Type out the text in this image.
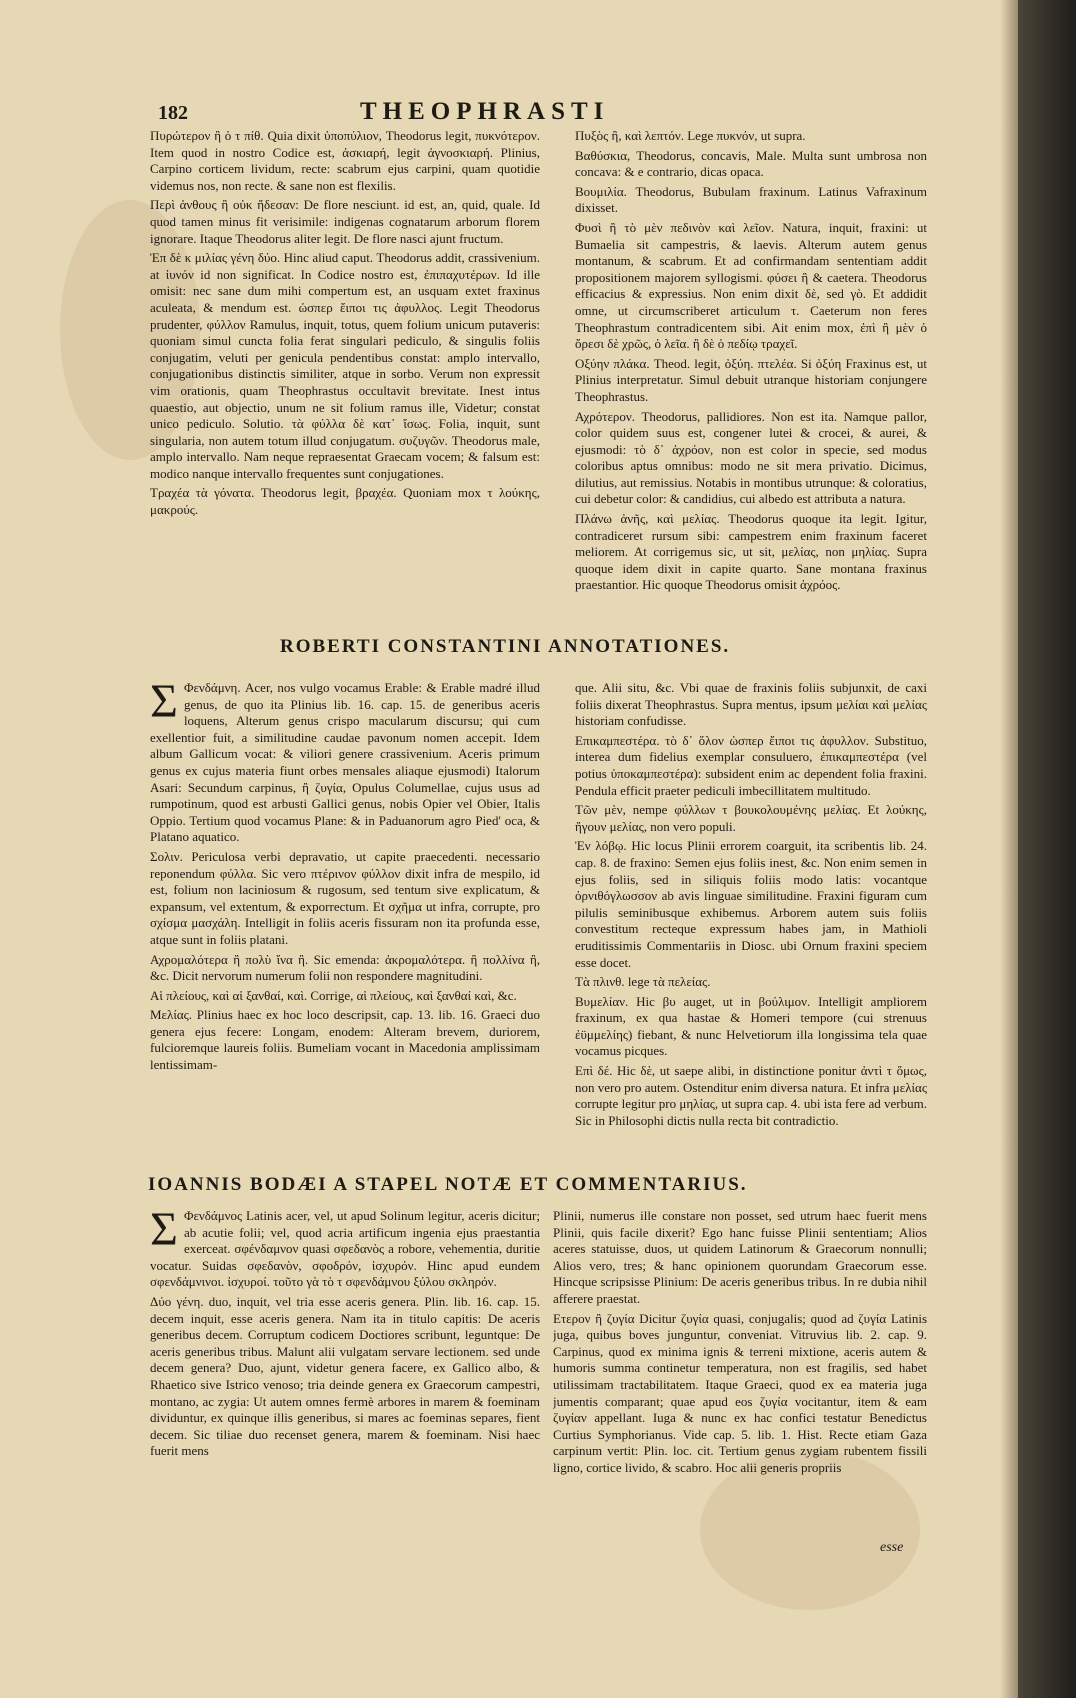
182	THEOPHRASTI

Πυρώτερον ἢ ὁ τ πίθ. Quia dixit ὑποπύλιον, Theodorus legit, πυκνότερον. Item quod in nostro Codice est, ἀσκιαρή, legit ἀγνοσκιαρή. Plinius, Carpino corticem lividum, recte: scabrum ejus carpini, quam quotidie videmus nos, non recte. & sane non est flexilis.

Περὶ ἀνθους ἢ οὐκ ἤδεσαν: De flore nesciunt. id est, an, quid, quale. Id quod tamen minus fit verisimile: indigenas cognatarum arborum florem ignorare. Itaque Theodorus aliter legit. De flore nasci ajunt fructum.

Ἐπ δὲ κ μιλίας γένη δύο. Hinc aliud caput. Theodorus addit, crassivenium. at ἰυνόν id non significat. In Codice nostro est, ἐπιπαχυτέρων. Id ille omisit: nec sane dum mihi compertum est, an usquam extet fraxinus aculeata, & mendum est. ὡσπερ ἔιποι τις ἀφυλλος. Legit Theodorus prudenter, φύλλον Ramulus, inquit, totus, quem folium unicum putaveris: quoniam simul cuncta folia ferat singulari pediculo, & singulis foliis conjugatim, veluti per genicula pendentibus constat: amplo intervallo, conjugationibus distinctis similiter, atque in sorbo. Verum non expressit vim orationis, quam Theophrastus occultavit brevitate. Inest intus quaestio, aut objectio, unum ne sit folium ramus ille, Videtur; constat unico pediculo. Solutio. τὰ φύλλα δὲ κατ᾽ ἴσως. Folia, inquit, sunt singularia, non autem totum illud conjugatum. συζυγῶν. Theodorus male, amplo intervallo. Nam neque repraesentat Graecam vocem; & falsum est: modico nanque intervallo frequentes sunt conjugationes.

Τραχέα τὰ γόνατα. Theodorus legit, βραχέα. Quoniam mox τ λούκης, μακρούς.

Πυξὸς ἢ, καὶ λεπτόν. Lege πυκνόν, ut supra.

Βαθύσκια, Theodorus, concavis, Male. Multa sunt umbrosa non concava: & e contrario, dicas opaca.

Βουμιλία. Theodorus, Bubulam fraxinum. Latinus Vafraxinum dixisset.

Φυσὶ ἢ τὸ μὲν πεδινὸν καὶ λεῖον. Natura, inquit, fraxini: ut Bumaelia sit campestris, & laevis. Alterum autem genus montanum, & scabrum. Et ad confirmandam sententiam addit propositionem majorem syllogismi. φύσει ἢ & caetera. Theodorus efficacius & expressius. Non enim dixit δὲ, sed γὸ. Et addidit omne, ut circumscriberet articulum τ. Caeterum non feres Theophrastum contradicentem sibi. Ait enim mox, ἐπὶ ἢ μὲν ὁ ὄρεσι δὲ χρῶς, ὁ λεῖα. ἢ δὲ ὁ πεδίῳ τραχεῖ.

Οξύην πλάκα. Theod. legit, ὀξύη. πτελέα. Si ὀξύη Fraxinus est, ut Plinius interpretatur. Simul debuit utranque historiam conjungere Theophrastus.

Αχρότερον. Theodorus, pallidiores. Non est ita. Namque pallor, color quidem suus est, congener lutei & crocei, & aurei, & ejusmodi: τὸ δ᾽ ἀχρόον, non est color in specie, sed modus coloribus aptus omnibus: modo ne sit mera privatio. Dicimus, dilutius, aut remissius. Notabis in montibus utrunque: & coloratius, cui debetur color: & candidius, cui albedo est attributa a natura.

Πλάνω ἀνῆς, καὶ μελίας. Theodorus quoque ita legit. Igitur, contradiceret rursum sibi: campestrem enim fraxinum faceret meliorem. At corrigemus sic, ut sit, μελίας, non μηλίας. Supra quoque idem dixit in capite quarto. Sane montana fraxinus praestantior. Hic quoque Theodorus omisit ἀχρόος.

ROBERTI CONSTANTINI ANNOTATIONES.
Σ Φενδάμνη. Acer, nos vulgo vocamus Erable: & Erable madré illud genus, de quo ita Plinius lib. 16. cap. 15. de generibus aceris loquens, Alterum genus crispo macularum discursu; qui cum exellentior fuit, a similitudine caudae pavonum nomen accepit. Idem album Gallicum vocat: & viliori genere crassivenium. Aceris primum genus ex cujus materia fiunt orbes mensales aliaque ejusmodi) Italorum Asari: Secundum carpinus, ἢ ζυγία, Opulus Columellae, cujus usus ad rumpotinum, quod est arbusti Gallici genus, nobis Opier vel Obier, Italis Oppio. Tertium quod vocamus Plane: & in Paduanorum agro Pied' oca, & Platano aquatico.

Σολιν. Periculosa verbi depravatio, ut capite praecedenti. necessario reponendum φύλλα. Sic vero πτέρινον φύλλον dixit infra de mespilo, id est, folium non laciniosum & rugosum, sed tentum sive explicatum, & expansum, vel extentum, & exporrectum. Et σχῆμα ut infra, corrupte, pro σχίσμα μασχάλη. Intelligit in foliis aceris fissuram non ita profunda esse, atque sunt in foliis platani.

Αχρομαλότερα ἢ πολὺ ἴνα ἢ. Sic emenda: ἀκρομαλότερα. ἢ πολλίνα ἢ, &c. Dicit nervorum numerum folii non respondere magnitudini.

Αἱ πλείους, καὶ αἱ ξανθαί, καὶ. Corrige, αἱ πλείους, καὶ ξανθαί καὶ, &c.

Μελίας. Plinius haec ex hoc loco descripsit, cap. 13. lib. 16. Graeci duo genera ejus fecere: Longam, enodem: Alteram brevem, duriorem, fulcioremque laureis foliis. Bumeliam vocant in Macedonia amplissimam lentissimam-

que. Alii situ, &c. Vbi quae de fraxinis foliis subjunxit, de caxi foliis dixerat Theophrastus. Supra mentus, ipsum μελίαι καὶ μελίας historiam confudisse.

Επικαμπεστέρα. τὸ δ᾽ ὅλον ὡσπερ ἔιποι τις ἀφυλλον. Substituo, interea dum fidelius exemplar consuluero, ἐπικαμπεστέρα (vel potius ὑποκαμπεστέρα): subsident enim ac dependent folia fraxini. Pendula efficit praeter pediculi imbecillitatem multitudo.

Τῶν μὲν, nempe φύλλων τ βουκολουμένης μελίας. Et λούκης, ἤγουν μελίας, non vero populi.

Ἐν λόβῳ. Hic locus Plinii errorem coarguit, ita scribentis lib. 24. cap. 8. de fraxino: Semen ejus foliis inest, &c. Non enim semen in ejus foliis, sed in siliquis foliis modo latis: vocantque ὀρνιθόγλωσσον ab avis linguae similitudine. Fraxini figuram cum pilulis seminibusque exhibemus. Arborem autem suis foliis convestitum recteque expressum habes jam, in Mathioli eruditissimis Commentariis in Diosc. ubi Ornum fraxini speciem esse docet.

Τὰ πλινθ. lege τὰ πελείας.

Βυμελίαν. Hic βυ auget, ut in βούλιμον. Intelligit ampliorem fraxinum, ex qua hastae & Homeri tempore (cui strenuus ἐϋμμελίης) fiebant, & nunc Helvetiorum illa longissima tela quae vocamus picques.

Επὶ δέ. Hic δὲ, ut saepe alibi, in distinctione ponitur ἀντὶ τ ὅμως, non vero pro autem. Ostenditur enim diversa natura. Et infra μελίας corrupte legitur pro μηλίας, ut supra cap. 4. ubi ista fere ad verbum. Sic in Philosophi dictis nulla recta bit contradictio.

IOANNIS BODÆI A STAPEL NOTÆ ET COMMENTARIUS.
Σ Φενδάμνος Latinis acer, vel, ut apud Solinum legitur, aceris dicitur; ab acutie folii; vel, quod acria artificum ingenia ejus praestantia exerceat. σφένδαμνον quasi σφεδανὸς a robore, vehementia, duritie vocatur. Suidas σφεδανὸν, σφοδρόν, ἰσχυρόν. Hinc apud eundem σφενδάμνινοι. ἰσχυροί. τοῦτο γὰ τὸ τ σφενδάμνου ξύλου σκληρόν.

Δύο γένη. duo, inquit, vel tria esse aceris genera. Plin. lib. 16. cap. 15. decem inquit, esse aceris genera. Nam ita in titulo capitis: De aceris generibus decem. Corruptum codicem Doctiores scribunt, leguntque: De aceris generibus tribus. Malunt alii vulgatam servare lectionem. sed unde decem genera? Duo, ajunt, videtur genera facere, ex Gallico albo, & Rhaetico sive Istrico venoso; tria deinde genera ex Graecorum campestri, montano, ac zygia: Ut autem omnes fermè arbores in marem & foeminam dividuntur, ex quinque illis generibus, si mares ac foeminas separes, fient decem. Sic tiliae duo recenset genera, marem & foeminam. Nisi haec fuerit mens

Plinii, numerus ille constare non posset, sed utrum haec fuerit mens Plinii, quis facile dixerit? Ego hanc fuisse Plinii sententiam; Alios aceres statuisse, duos, ut quidem Latinorum & Graecorum nonnulli; Alios vero, tres; & hanc opinionem quorundam Graecorum esse. Hincque scripsisse Plinium: De aceris generibus tribus. In re dubia nihil afferere praestat.

Ετερον ἢ ζυγία Dicitur ζυγία quasi, conjugalis; quod ad ζυγία Latinis juga, quibus boves junguntur, conveniat. Vitruvius lib. 2. cap. 9. Carpinus, quod ex minima ignis & terreni mixtione, aceris autem & humoris summa continetur temperatura, non est fragilis, sed habet utilissimam tractabilitatem. Itaque Graeci, quod ex ea materia juga jumentis comparant; quae apud eos ζυγία vocitantur, item & eam ζυγίαν appellant. Iuga & nunc ex hac confici testatur Benedictus Curtius Symphorianus. Vide cap. 5. lib. 1. Hist. Recte etiam Gaza carpinum vertit: Plin. loc. cit. Tertium genus zygiam rubentem fissili ligno, cortice livido, & scabro. Hoc alii generis propriis

esse
